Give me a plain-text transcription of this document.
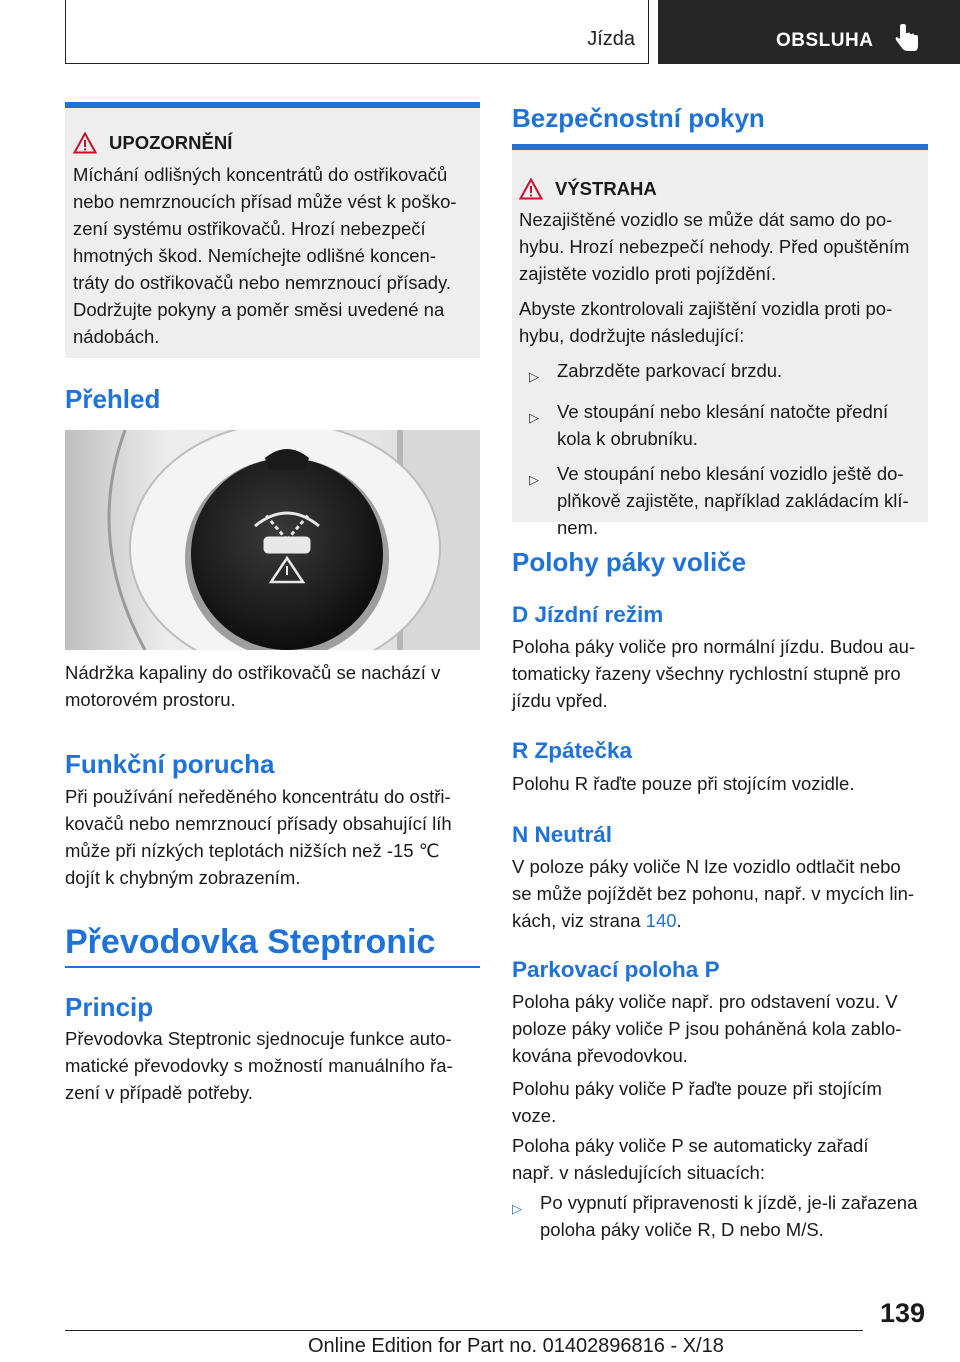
Jízda	OBSLUHA
UPOZORNĚNÍ
Míchání odlišných koncentrátů do ostřikovačů
nebo nemrznoucích přísad může vést k poško-
zení systému ostřikovačů. Hrozí nebezpečí
hmotných škod. Nemíchejte odlišné koncen-
tráty do ostřikovačů nebo nemrznoucí přísady.
Dodržujte pokyny a poměr směsi uvedené na
nádobách.
Přehled
Nádržka kapaliny do ostřikovačů se nachází v
motorovém prostoru.
Funkční porucha
Při používání neředěného koncentrátu do ostři-
kovačů nebo nemrznoucí přísady obsahující líh
může při nízkých teplotách nižších než -15 ℃
dojít k chybným zobrazením.
Převodovka Steptronic
Princip
Převodovka Steptronic sjednocuje funkce auto-
matické převodovky s možností manuálního řa-
zení v případě potřeby.
Bezpečnostní pokyn
VÝSTRAHA
Nezajištěné vozidlo se může dát samo do po-
hybu. Hrozí nebezpečí nehody. Před opuštěním
zajistěte vozidlo proti pojíždění.
Abyste zkontrolovali zajištění vozidla proti po-
hybu, dodržujte následující:
▷ Zabrzděte parkovací brzdu.
▷ Ve stoupání nebo klesání natočte přední
kola k obrubníku.
▷ Ve stoupání nebo klesání vozidlo ještě do-
plňkově zajistěte, například zakládacím klí-
nem.
Polohy páky voliče
D Jízdní režim
Poloha páky voliče pro normální jízdu. Budou au-
tomaticky řazeny všechny rychlostní stupně pro
jízdu vpřed.
R Zpátečka
Polohu R řaďte pouze při stojícím vozidle.
N Neutrál
V poloze páky voliče N lze vozidlo odtlačit nebo
se může pojíždět bez pohonu, např. v mycích lin-
kách, viz strana 140.
Parkovací poloha P
Poloha páky voliče např. pro odstavení vozu. V
poloze páky voliče P jsou poháněná kola zablo-
kována převodovkou.
Polohu páky voliče P řaďte pouze při stojícím
voze.
Poloha páky voliče P se automaticky zařadí
např. v následujících situacích:
▷ Po vypnutí připravenosti k jízdě, je-li zařazena
poloha páky voliče R, D nebo M/S.
139
Online Edition for Part no. 01402896816 - X/18
